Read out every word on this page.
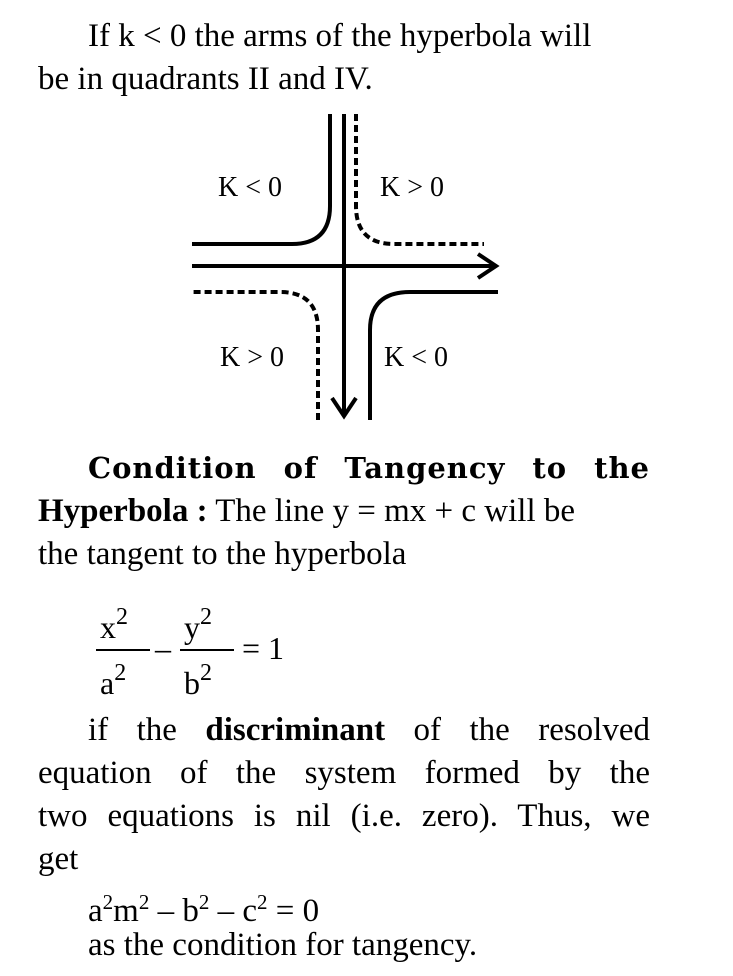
If k < 0 the arms of the hyperbola will
be in quadrants II and IV.
K < 0	K > 0
K > 0	K < 0
Condition of Tangency to the
Hyperbola : The line y = mx + c will be
the tangent to the hyperbola
$x^2$
$a^2$
–
$y^2$
$b^2$
= 1
if the discriminant of the resolved
equation of the system formed by the
two equations is nil (i.e. zero). Thus, we
get
$a^2m^2 - b^2 - c^2 = 0$
as the condition for tangency.
